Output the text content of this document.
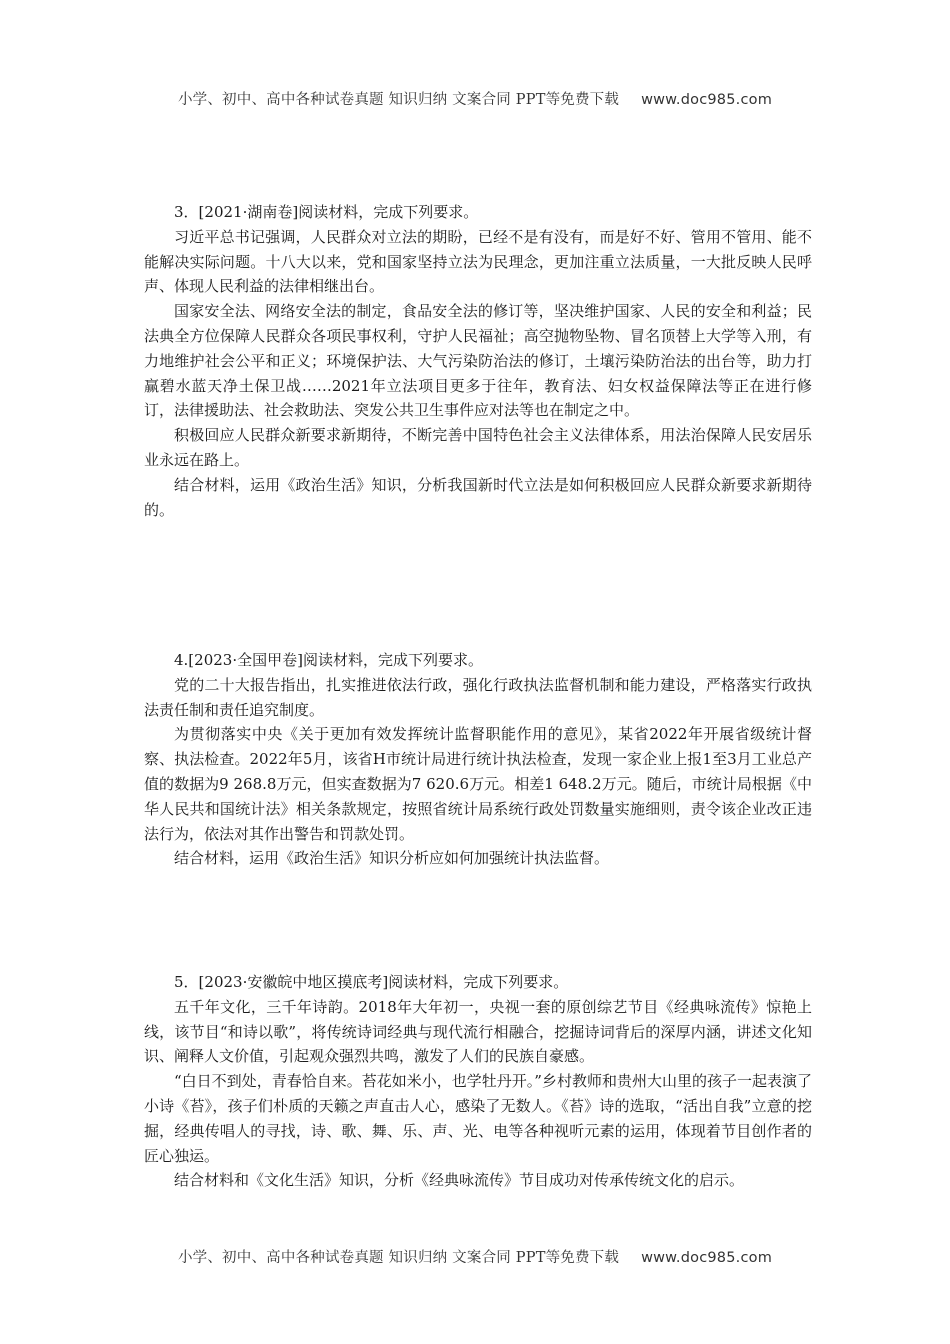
小学、初中、高中各种试卷真题 知识归纳 文案合同 PPT等免费下载 www.doc985.com

3．[2021·湖南卷]阅读材料，完成下列要求。

习近平总书记强调，人民群众对立法的期盼，已经不是有没有，而是好不好、管用不管用、能不能解决实际问题。十八大以来，党和国家坚持立法为民理念，更加注重立法质量，一大批反映人民呼声、体现人民利益的法律相继出台。

国家安全法、网络安全法的制定，食品安全法的修订等，坚决维护国家、人民的安全和利益；民法典全方位保障人民群众各项民事权利，守护人民福祉；高空抛物坠物、冒名顶替上大学等入刑，有力地维护社会公平和正义；环境保护法、大气污染防治法的修订，土壤污染防治法的出台等，助力打赢碧水蓝天净土保卫战……2021年立法项目更多于往年，教育法、妇女权益保障法等正在进行修订，法律援助法、社会救助法、突发公共卫生事件应对法等也在制定之中。

积极回应人民群众新要求新期待，不断完善中国特色社会主义法律体系，用法治保障人民安居乐业永远在路上。

结合材料，运用《政治生活》知识，分析我国新时代立法是如何积极回应人民群众新要求新期待的。

4.[2023·全国甲卷]阅读材料，完成下列要求。

党的二十大报告指出，扎实推进依法行政，强化行政执法监督机制和能力建设，严格落实行政执法责任制和责任追究制度。

为贯彻落实中央《关于更加有效发挥统计监督职能作用的意见》，某省2022年开展省级统计督察、执法检查。2022年5月，该省H市统计局进行统计执法检查，发现一家企业上报1至3月工业总产值的数据为9 268.8万元，但实查数据为7 620.6万元。相差1 648.2万元。随后，市统计局根据《中华人民共和国统计法》相关条款规定，按照省统计局系统行政处罚数量实施细则，责令该企业改正违法行为，依法对其作出警告和罚款处罚。

结合材料，运用《政治生活》知识分析应如何加强统计执法监督。

5．[2023·安徽皖中地区摸底考]阅读材料，完成下列要求。

五千年文化，三千年诗韵。2018年大年初一，央视一套的原创综艺节目《经典咏流传》惊艳上线，该节目“和诗以歌”，将传统诗词经典与现代流行相融合，挖掘诗词背后的深厚内涵，讲述文化知识、阐释人文价值，引起观众强烈共鸣，激发了人们的民族自豪感。

“白日不到处，青春恰自来。苔花如米小，也学牡丹开。”乡村教师和贵州大山里的孩子一起表演了小诗《苔》，孩子们朴质的天籁之声直击人心，感染了无数人。《苔》诗的选取，“活出自我”立意的挖掘，经典传唱人的寻找，诗、歌、舞、乐、声、光、电等各种视听元素的运用，体现着节目创作者的匠心独运。

结合材料和《文化生活》知识，分析《经典咏流传》节目成功对传承传统文化的启示。

小学、初中、高中各种试卷真题 知识归纳 文案合同 PPT等免费下载 www.doc985.com
